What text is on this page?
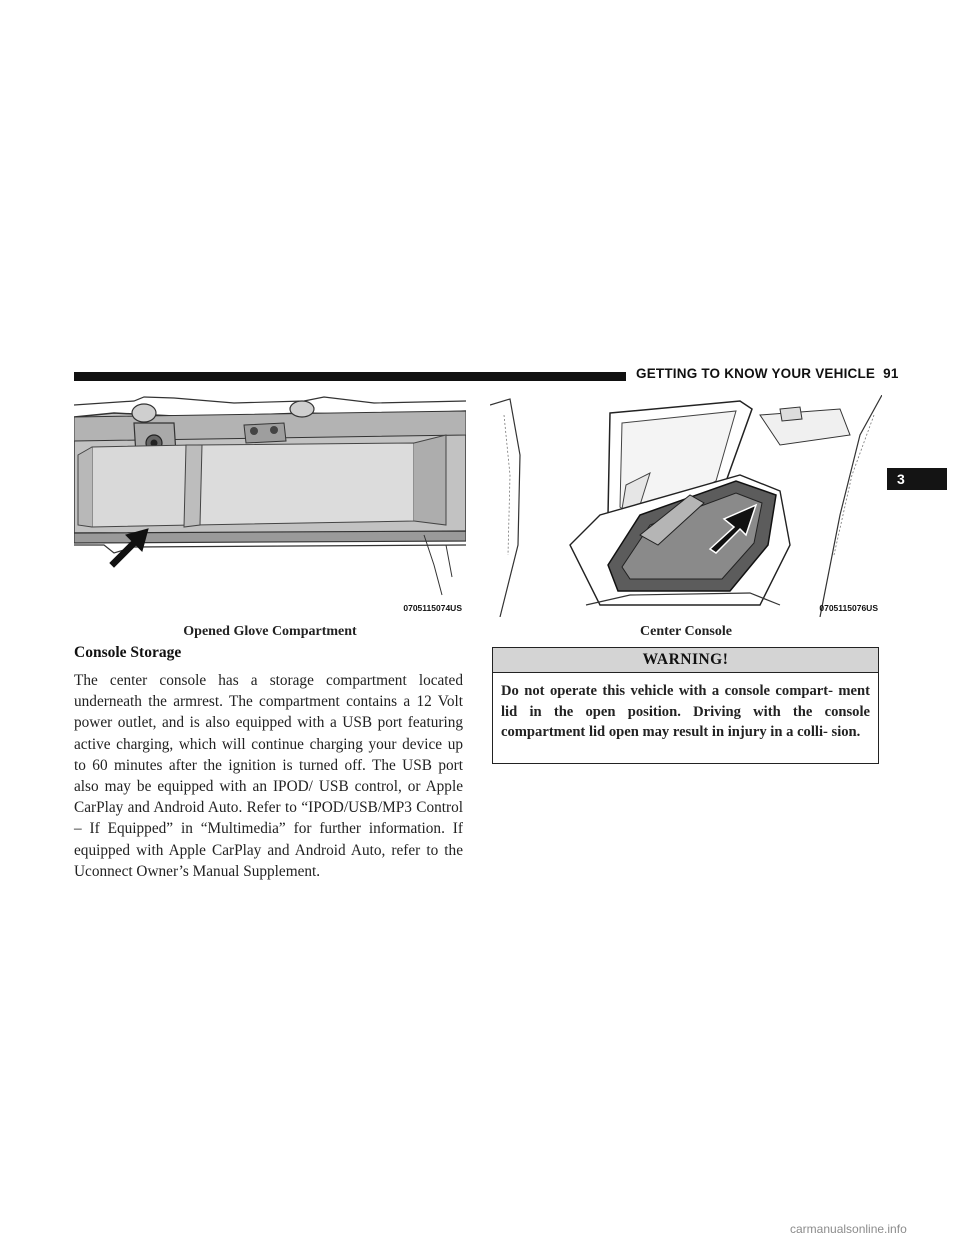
GETTING TO KNOW YOUR VEHICLE 91
3
0705115074US	0705115076US
Opened Glove Compartment	Center Console
Console Storage
The center console has a storage compartment located underneath the armrest. The compartment contains a 12 Volt power outlet, and is also equipped with a USB port featuring active charging, which will continue charging your device up to 60 minutes after the ignition is turned off. The USB port also may be equipped with an IPOD/ USB control, or Apple CarPlay and Android Auto. Refer to “IPOD/USB/MP3 Control – If Equipped” in “Multimedia” for further information. If equipped with Apple CarPlay and Android Auto, refer to the Uconnect Owner’s Manual Supplement.
WARNING!
Do not operate this vehicle with a console compart- ment lid in the open position. Driving with the console compartment lid open may result in injury in a colli- sion.
carmanualsonline.info
